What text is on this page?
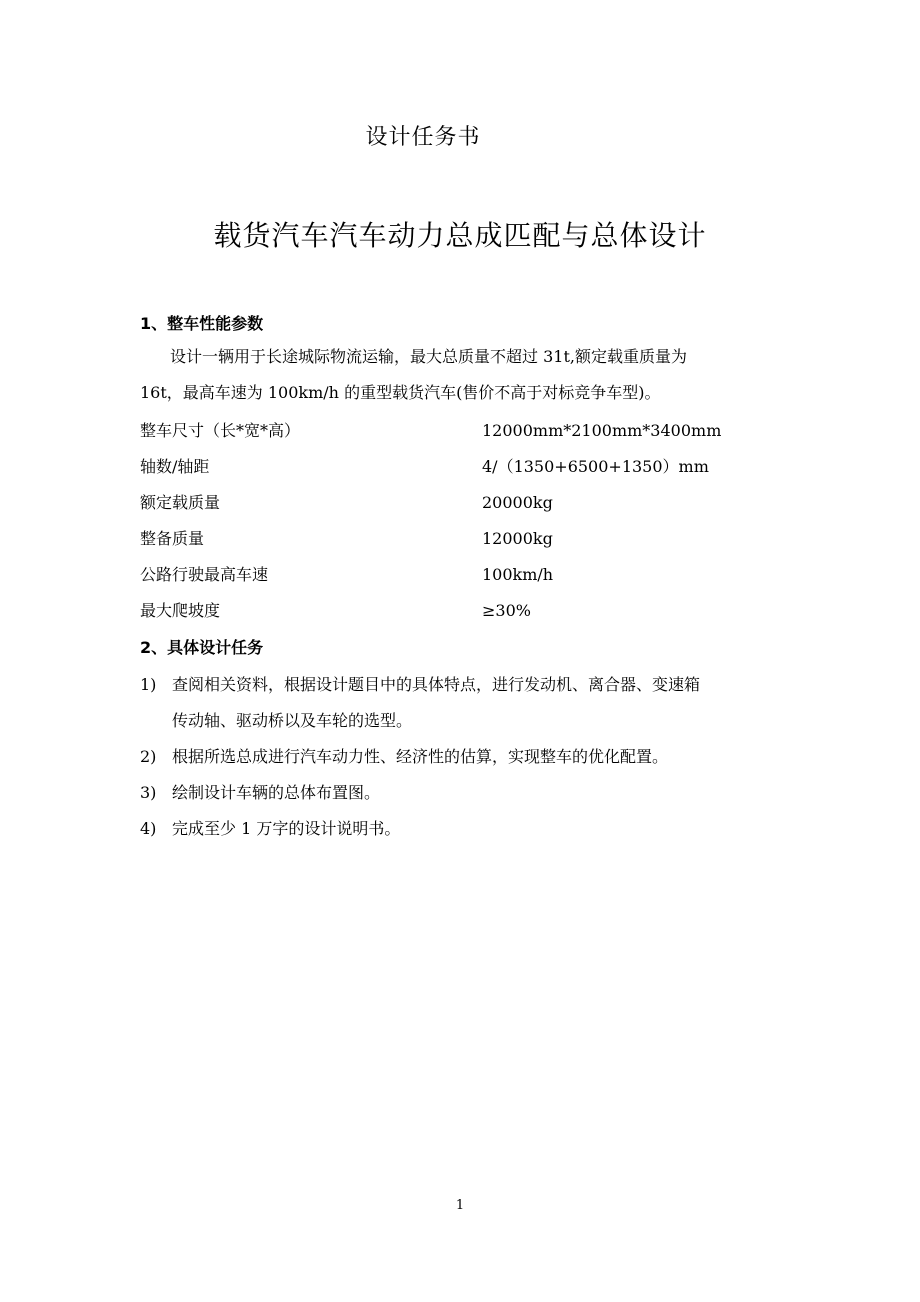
设计任务书
载货汽车汽车动力总成匹配与总体设计
1、整车性能参数
设计一辆用于长途城际物流运输，最大总质量不超过 31t,额定载重质量为
16t，最高车速为 100km/h 的重型载货汽车(售价不高于对标竞争车型)。
整车尺寸（长*宽*高）	12000mm*2100mm*3400mm
轴数/轴距	4/（1350+6500+1350）mm
额定载质量	20000kg
整备质量	12000kg
公路行驶最高车速	100km/h
最大爬坡度	≥30%
2、具体设计任务
1) 查阅相关资料，根据设计题目中的具体特点，进行发动机、离合器、变速箱
传动轴、驱动桥以及车轮的选型。
2) 根据所选总成进行汽车动力性、经济性的估算，实现整车的优化配置。
3) 绘制设计车辆的总体布置图。
4) 完成至少 1 万字的设计说明书。
1
